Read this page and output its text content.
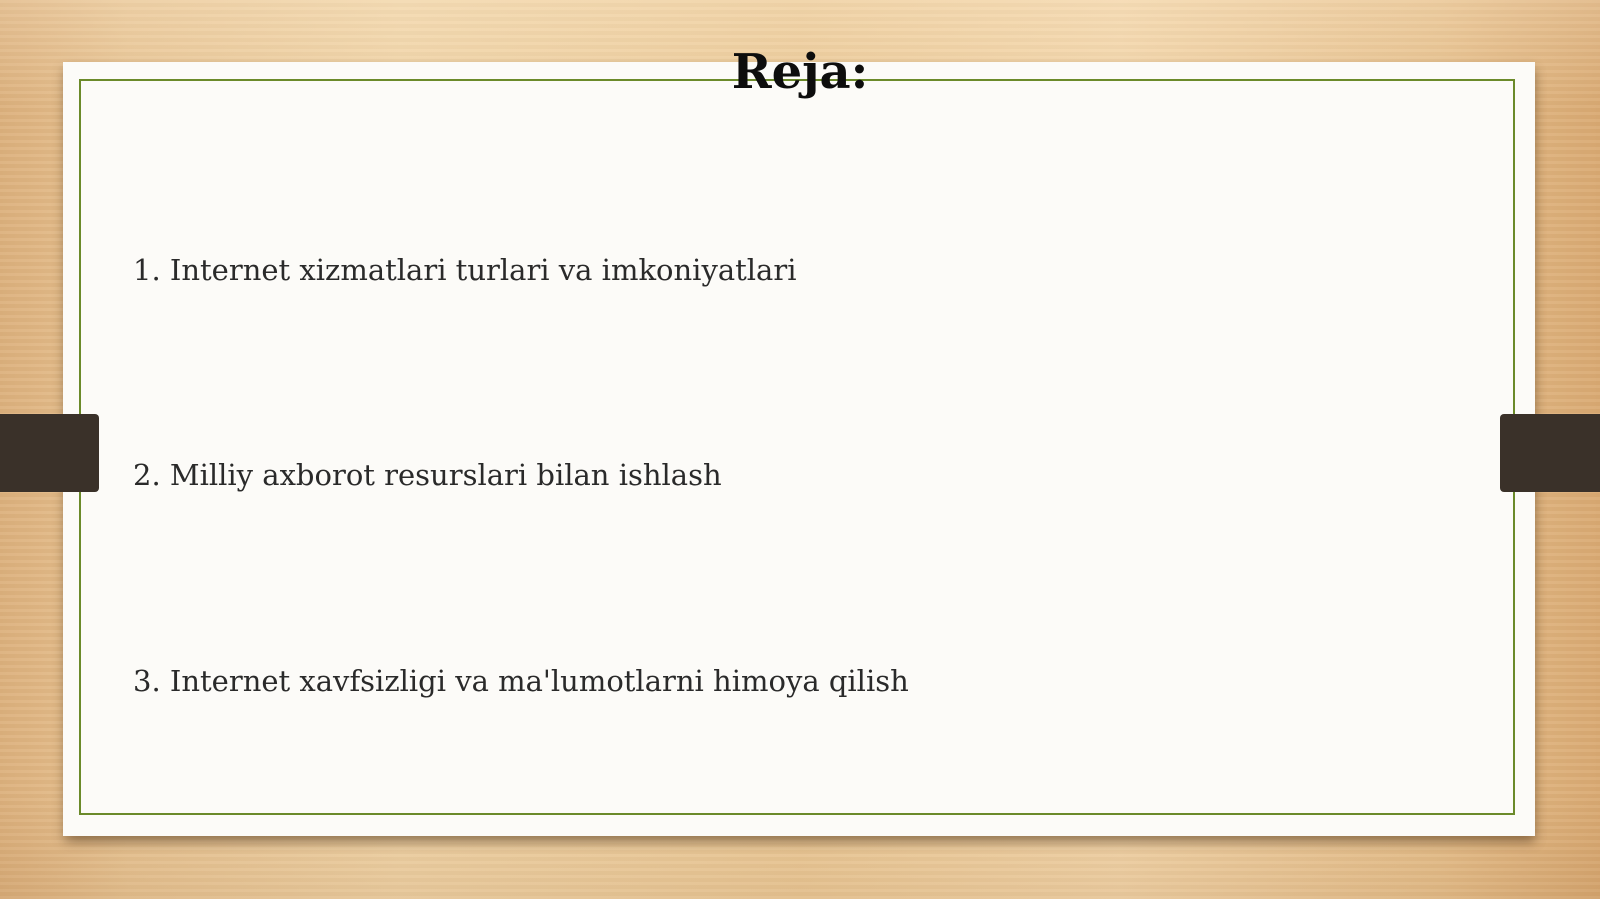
Reja:
1. Internet xizmatlari turlari va imkoniyatlari
2. Milliy axborot resurslari bilan ishlash
3. Internet xavfsizligi va ma'lumotlarni himoya qilish
